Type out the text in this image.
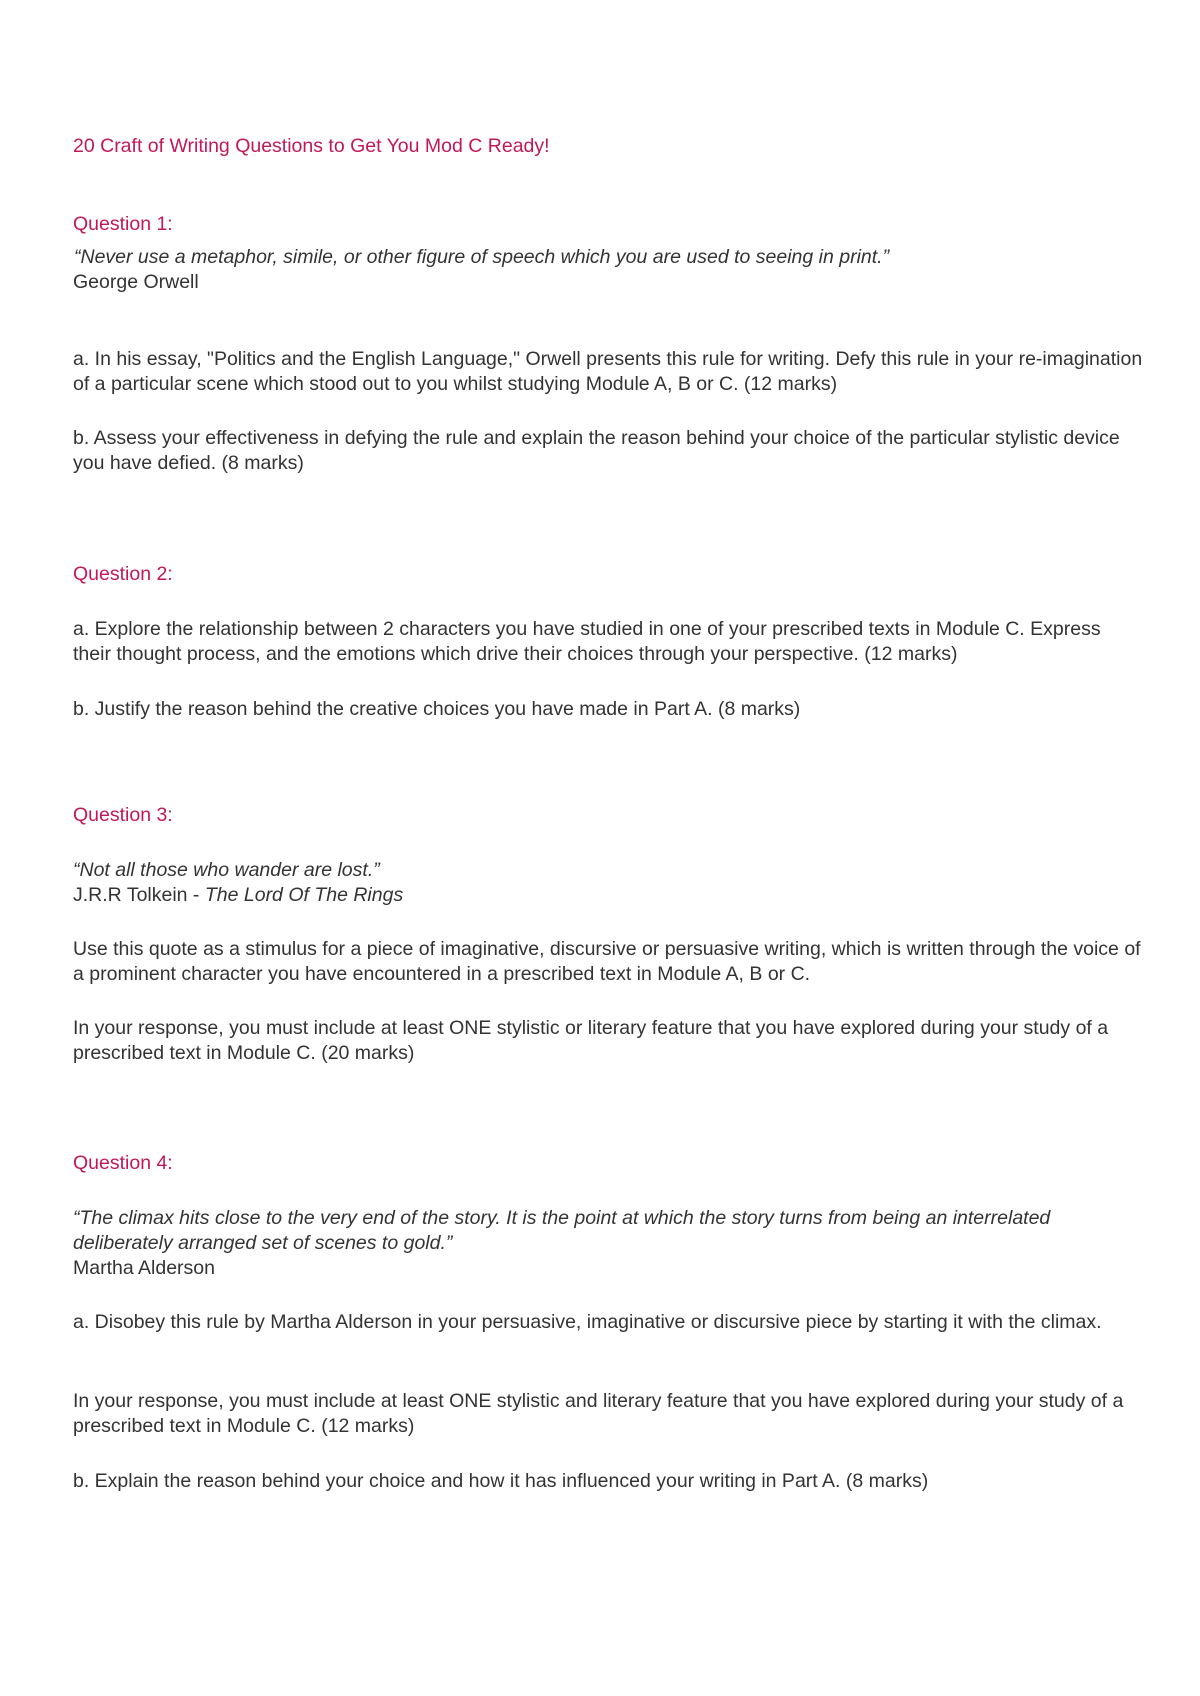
20 Craft of Writing Questions to Get You Mod C Ready!
Question 1:
“Never use a metaphor, simile, or other figure of speech which you are used to seeing in print.”
George Orwell

a. In his essay, "Politics and the English Language," Orwell presents this rule for writing. Defy this rule in your re-imagination of a particular scene which stood out to you whilst studying Module A, B or C. (12 marks)

b. Assess your effectiveness in defying the rule and explain the reason behind your choice of the particular stylistic device you have defied. (8 marks)

Question 2:

a. Explore the relationship between 2 characters you have studied in one of your prescribed texts in Module C. Express their thought process, and the emotions which drive their choices through your perspective. (12 marks)

b. Justify the reason behind the creative choices you have made in Part A. (8 marks)

Question 3:
“Not all those who wander are lost.”
J.R.R Tolkein - The Lord Of The Rings

Use this quote as a stimulus for a piece of imaginative, discursive or persuasive writing, which is written through the voice of a prominent character you have encountered in a prescribed text in Module A, B or C.

In your response, you must include at least ONE stylistic or literary feature that you have explored during your study of a prescribed text in Module C. (20 marks)

Question 4:
“The climax hits close to the very end of the story. It is the point at which the story turns from being an interrelated deliberately arranged set of scenes to gold.”
Martha Alderson

a. Disobey this rule by Martha Alderson in your persuasive, imaginative or discursive piece by starting it with the climax.

In your response, you must include at least ONE stylistic and literary feature that you have explored during your study of a prescribed text in Module C. (12 marks)

b. Explain the reason behind your choice and how it has influenced your writing in Part A. (8 marks)
